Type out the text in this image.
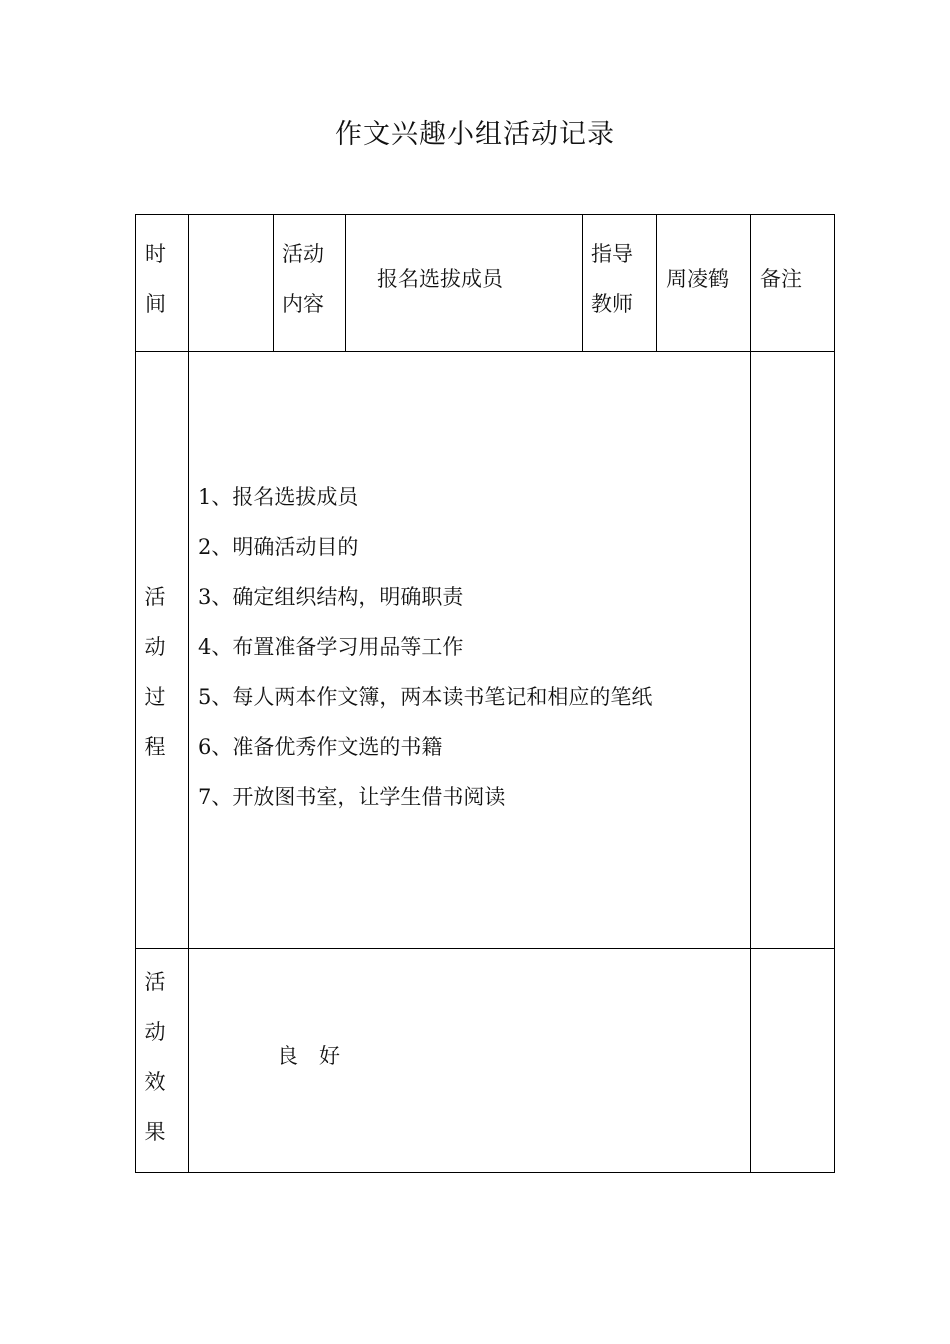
作文兴趣小组活动记录
时
间
活动
内容
报名选拔成员
指导
教师
周凌鹤 备注
活
动
过
程
1、报名选拔成员
2、明确活动目的
3、确定组织结构，明确职责
4、布置准备学习用品等工作
5、每人两本作文簿，两本读书笔记和相应的笔纸
6、准备优秀作文选的书籍
7、开放图书室，让学生借书阅读
活
动
效
果
良　好
